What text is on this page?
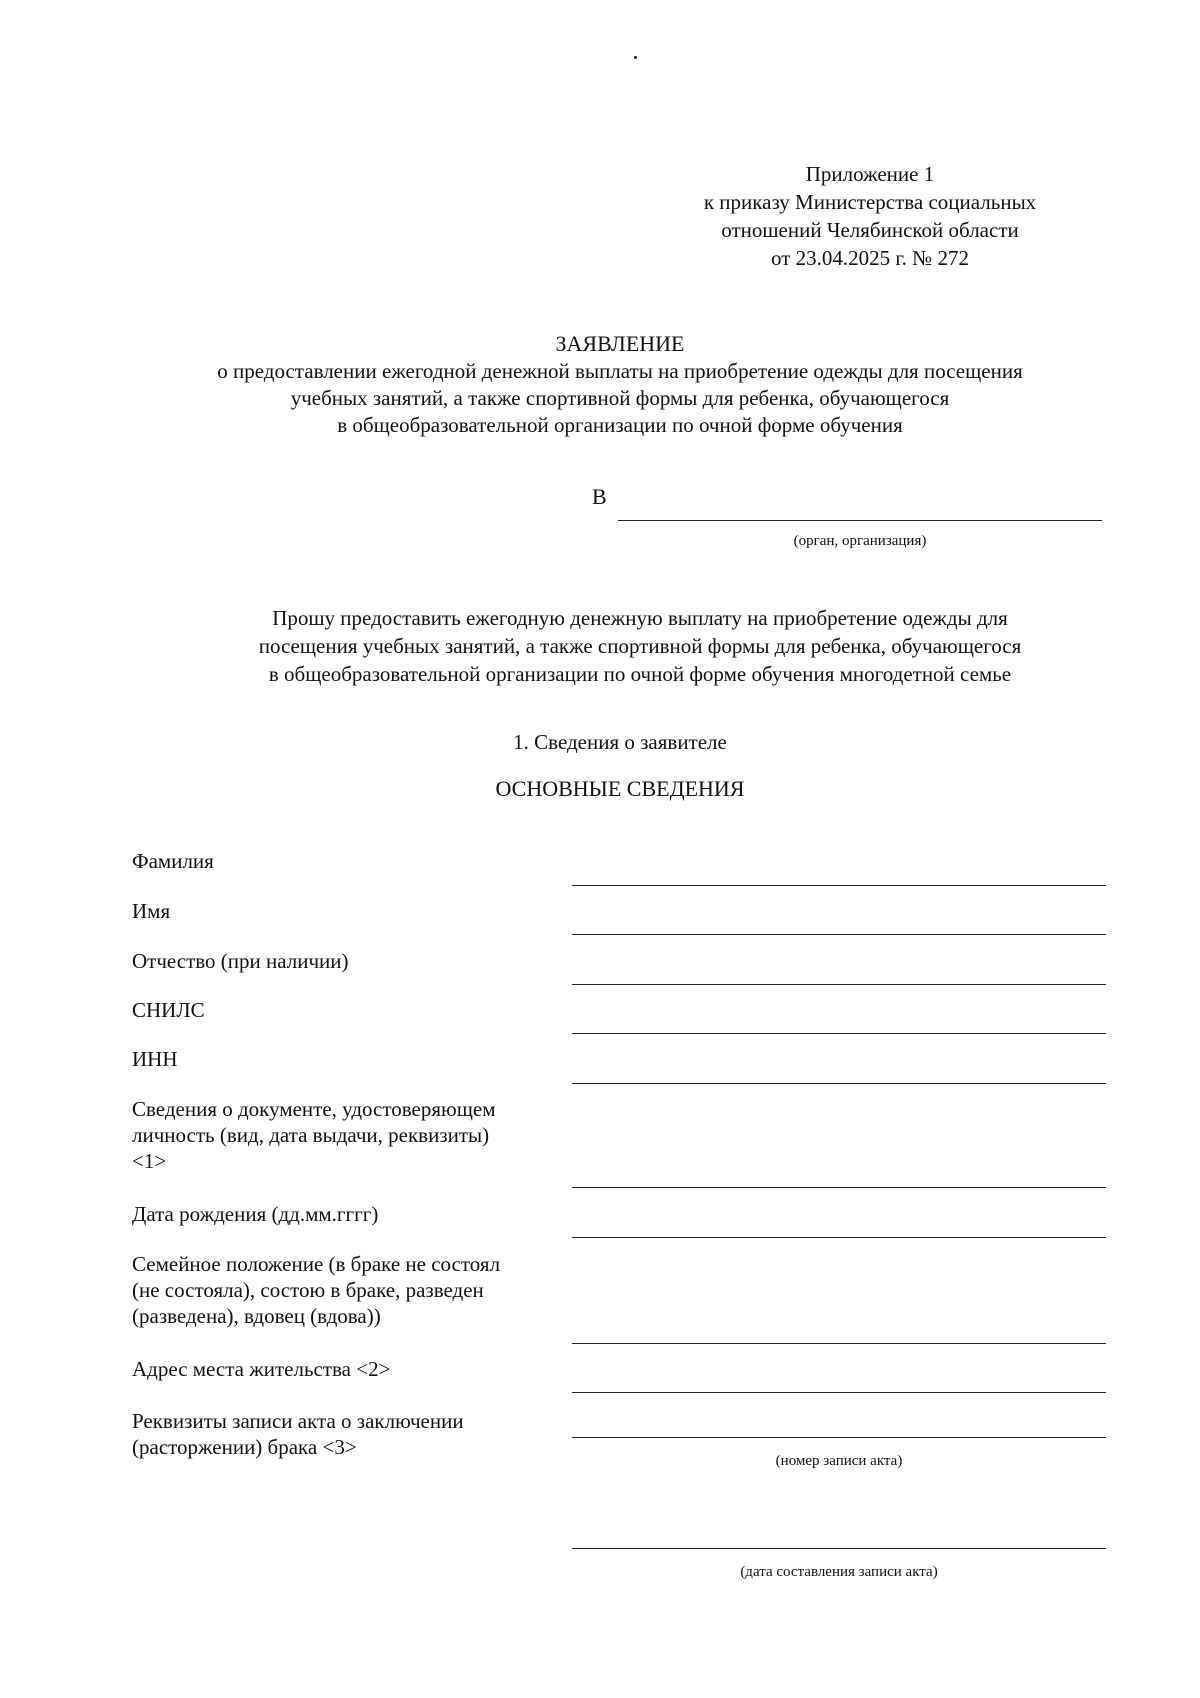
Приложение 1
к приказу Министерства социальных
отношений Челябинской области
от 23.04.2025 г. № 272
ЗАЯВЛЕНИЕ
о предоставлении ежегодной денежной выплаты на приобретение одежды для посещения
учебных занятий, а также спортивной формы для ребенка, обучающегося
в общеобразовательной организации по очной форме обучения
В
(орган, организация)
Прошу предоставить ежегодную денежную выплату на приобретение одежды для
посещения учебных занятий, а также спортивной формы для ребенка, обучающегося
в общеобразовательной организации по очной форме обучения многодетной семье
1. Сведения о заявителе
ОСНОВНЫЕ СВЕДЕНИЯ
Фамилия
Имя
Отчество (при наличии)
СНИЛС
ИНН
Сведения о документе, удостоверяющем
личность (вид, дата выдачи, реквизиты)
<1>
Дата рождения (дд.мм.гггг)
Семейное положение (в браке не состоял
(не состояла), состою в браке, разведен
(разведена), вдовец (вдова))
Адрес места жительства <2>
Реквизиты записи акта о заключении
(расторжении) брака <3>
(номер записи акта)
(дата составления записи акта)
